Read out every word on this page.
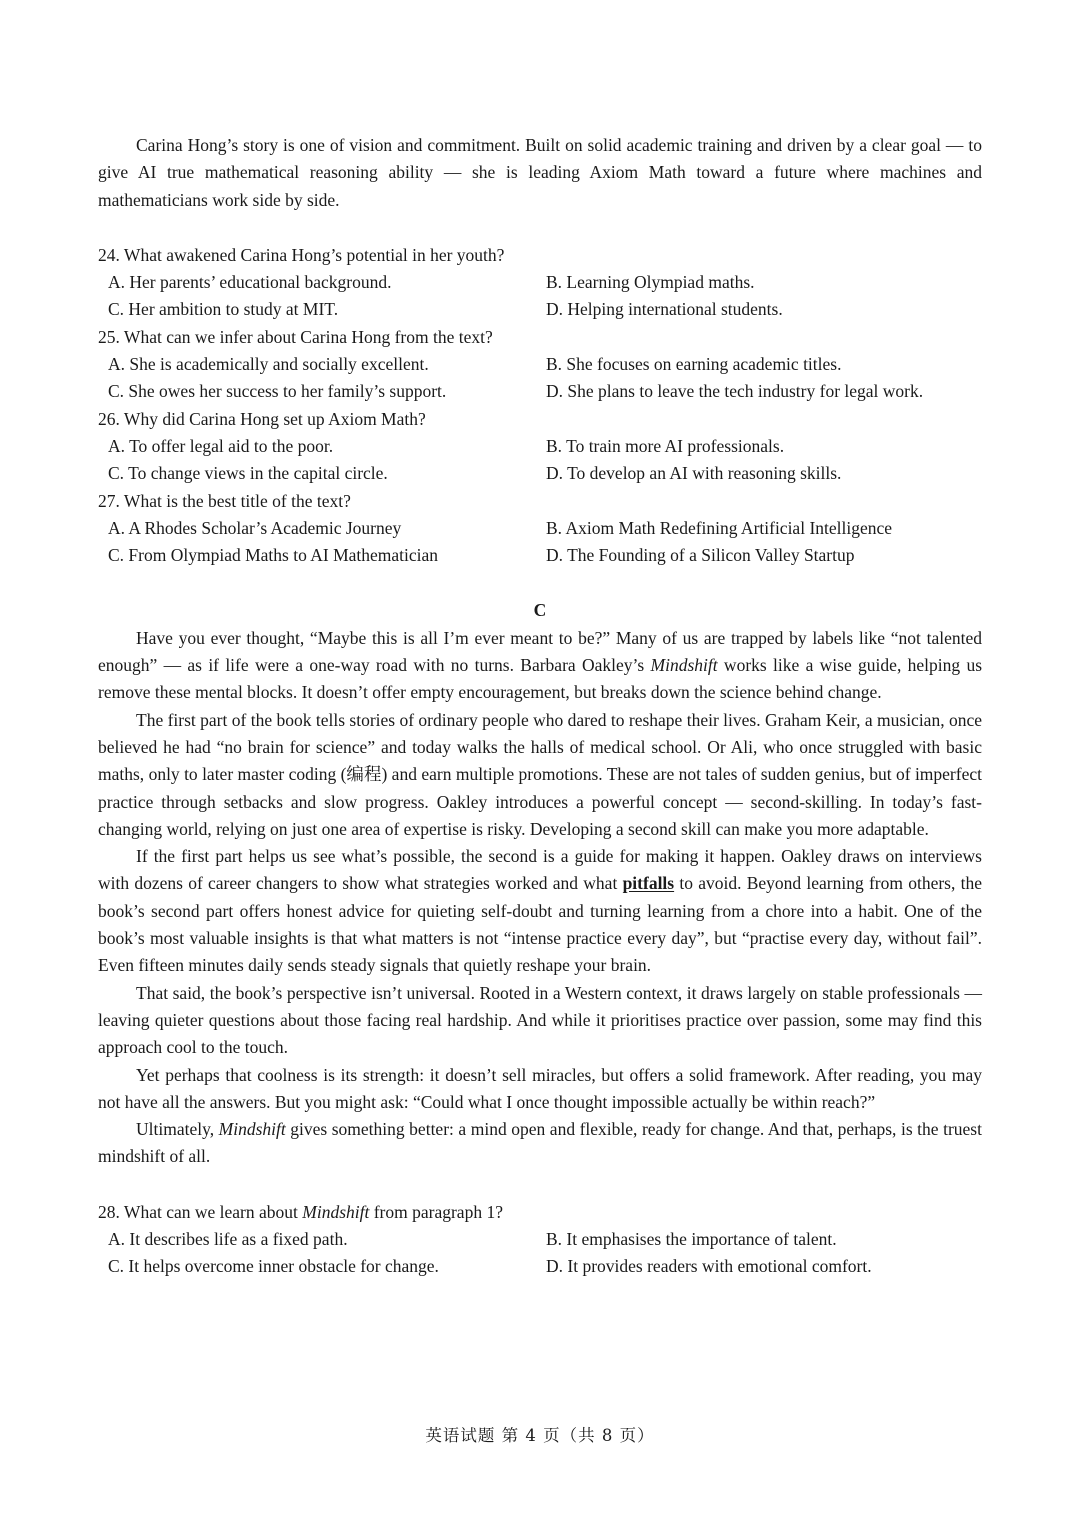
Carina Hong’s story is one of vision and commitment. Built on solid academic training and driven by a clear goal — to give AI true mathematical reasoning ability — she is leading Axiom Math toward a future where machines and mathematicians work side by side.

24. What awakened Carina Hong’s potential in her youth?

A. Her parents’ educational background.	B. Learning Olympiad maths.
C. Her ambition to study at MIT.	D. Helping international students.

25. What can we infer about Carina Hong from the text?

A. She is academically and socially excellent.	B. She focuses on earning academic titles.
C. She owes her success to her family’s support.	D. She plans to leave the tech industry for legal work.

26. Why did Carina Hong set up Axiom Math?

A. To offer legal aid to the poor.	B. To train more AI professionals.
C. To change views in the capital circle.	D. To develop an AI with reasoning skills.

27. What is the best title of the text?

A. A Rhodes Scholar’s Academic Journey	B. Axiom Math Redefining Artificial Intelligence
C. From Olympiad Maths to AI Mathematician	D. The Founding of a Silicon Valley Startup

C

Have you ever thought, “Maybe this is all I’m ever meant to be?” Many of us are trapped by labels like “not talented enough” — as if life were a one-way road with no turns. Barbara Oakley’s Mindshift works like a wise guide, helping us remove these mental blocks. It doesn’t offer empty encouragement, but breaks down the science behind change.

The first part of the book tells stories of ordinary people who dared to reshape their lives. Graham Keir, a musician, once believed he had “no brain for science” and today walks the halls of medical school. Or Ali, who once struggled with basic maths, only to later master coding (编程) and earn multiple promotions. These are not tales of sudden genius, but of imperfect practice through setbacks and slow progress. Oakley introduces a powerful concept — second-skilling. In today’s fast-changing world, relying on just one area of expertise is risky. Developing a second skill can make you more adaptable.

If the first part helps us see what’s possible, the second is a guide for making it happen. Oakley draws on interviews with dozens of career changers to show what strategies worked and what pitfalls to avoid. Beyond learning from others, the book’s second part offers honest advice for quieting self-doubt and turning learning from a chore into a habit. One of the book’s most valuable insights is that what matters is not “intense practice every day”, but “practise every day, without fail”. Even fifteen minutes daily sends steady signals that quietly reshape your brain.

That said, the book’s perspective isn’t universal. Rooted in a Western context, it draws largely on stable professionals — leaving quieter questions about those facing real hardship. And while it prioritises practice over passion, some may find this approach cool to the touch.

Yet perhaps that coolness is its strength: it doesn’t sell miracles, but offers a solid framework. After reading, you may not have all the answers. But you might ask: “Could what I once thought impossible actually be within reach?”

Ultimately, Mindshift gives something better: a mind open and flexible, ready for change. And that, perhaps, is the truest mindshift of all.

28. What can we learn about Mindshift from paragraph 1?

A. It describes life as a fixed path.	B. It emphasises the importance of talent.
C. It helps overcome inner obstacle for change.	D. It provides readers with emotional comfort.
英语试题 第 4 页（共 8 页）
